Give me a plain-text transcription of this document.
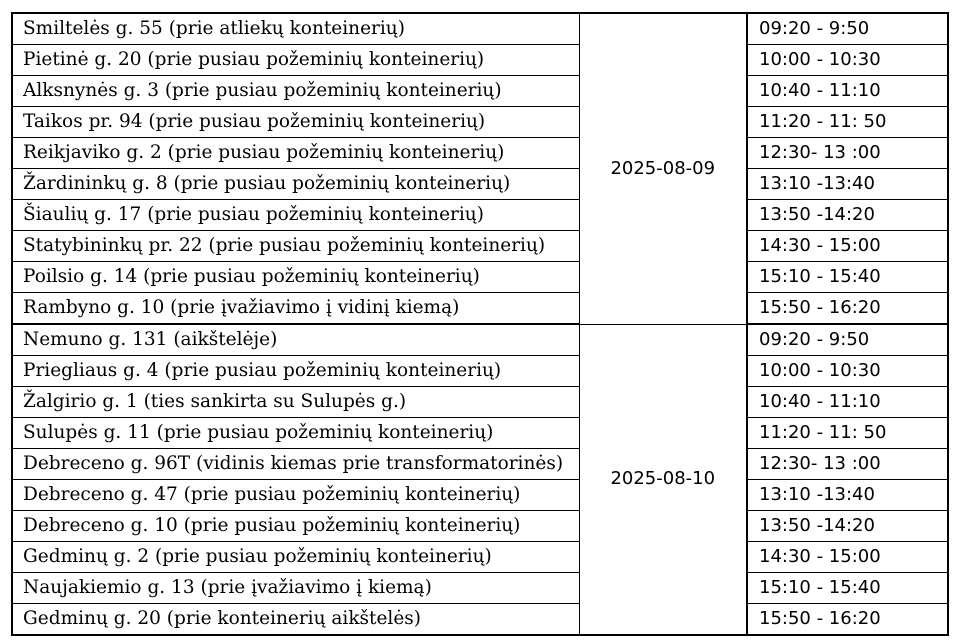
Smiltelės g. 55 (prie atliekų konteinerių)	2025-08-09	09:20 - 9:50
Pietinė g. 20 (prie pusiau požeminių konteinerių)		10:00 - 10:30
Alksnynės g. 3 (prie pusiau požeminių konteinerių)		10:40 - 11:10
Taikos pr. 94 (prie pusiau požeminių konteinerių)		11:20 - 11: 50
Reikjaviko g. 2 (prie pusiau požeminių konteinerių)		12:30- 13 :00
Žardininkų g. 8 (prie pusiau požeminių konteinerių)		13:10 -13:40
Šiaulių g. 17 (prie pusiau požeminių konteinerių)		13:50 -14:20
Statybininkų pr. 22 (prie pusiau požeminių konteinerių)		14:30 - 15:00
Poilsio g. 14 (prie pusiau požeminių konteinerių)		15:10 - 15:40
Rambyno g. 10 (prie įvažiavimo į vidinį kiemą)		15:50 - 16:20
Nemuno g. 131 (aikštelėje)	2025-08-10	09:20 - 9:50
Priegliaus g. 4 (prie pusiau požeminių konteinerių)		10:00 - 10:30
Žalgirio g. 1 (ties sankirta su Sulupės g.)		10:40 - 11:10
Sulupės g. 11 (prie pusiau požeminių konteinerių)		11:20 - 11: 50
Debreceno g. 96T (vidinis kiemas prie transformatorinės)		12:30- 13 :00
Debreceno g. 47 (prie pusiau požeminių konteinerių)		13:10 -13:40
Debreceno g. 10 (prie pusiau požeminių konteinerių)		13:50 -14:20
Gedminų g. 2 (prie pusiau požeminių konteinerių)		14:30 - 15:00
Naujakiemio g. 13 (prie įvažiavimo į kiemą)		15:10 - 15:40
Gedminų g. 20 (prie konteinerių aikštelės)		15:50 - 16:20
